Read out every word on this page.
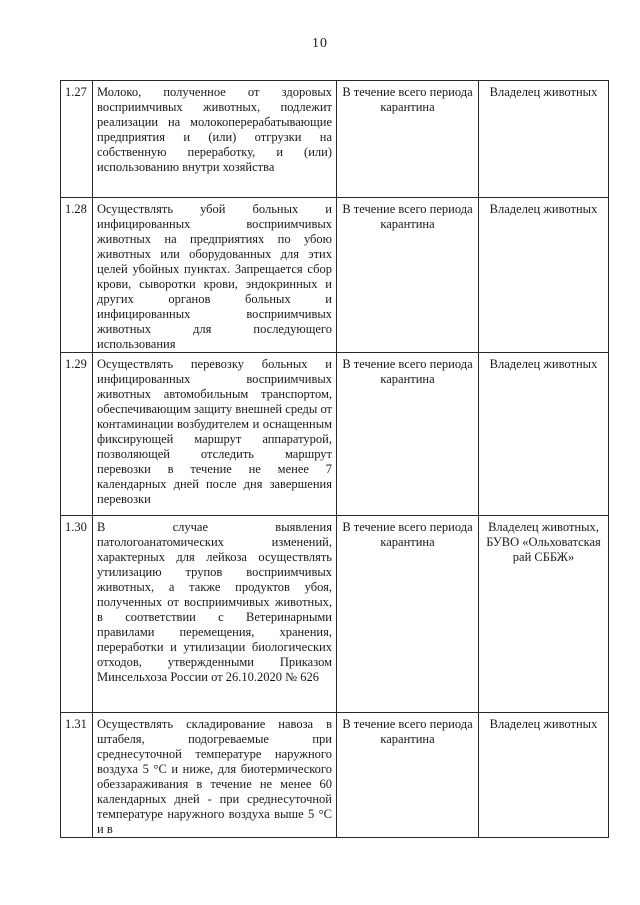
10
1.27	Молоко, полученное от здоровых восприимчивых животных, подлежит реализации на молокоперерабатывающие предприятия и (или) отгрузки на собственную переработку, и (или) использованию внутри хозяйства	В течение всего периода карантина	Владелец животных
1.28	Осуществлять убой больных и инфицированных восприимчивых животных на предприятиях по убою животных или оборудованных для этих целей убойных пунктах. Запрещается сбор крови, сыворотки крови, эндокринных и других органов больных и инфицированных восприимчивых животных для последующего использования	В течение всего периода карантина	Владелец животных
1.29	Осуществлять перевозку больных и инфицированных восприимчивых животных автомобильным транспортом, обеспечивающим защиту внешней среды от контаминации возбудителем и оснащенным фиксирующей маршрут аппаратурой, позволяющей отследить маршрут перевозки в течение не менее 7 календарных дней после дня завершения перевозки	В течение всего периода карантина	Владелец животных
1.30	В случае выявления патологоанатомических изменений, характерных для лейкоза осуществлять утилизацию трупов восприимчивых животных, а также продуктов убоя, полученных от восприимчивых животных, в соответствии с Ветеринарными правилами перемещения, хранения, переработки и утилизации биологических отходов, утвержденными Приказом Минсельхоза России от 26.10.2020 № 626	В течение всего периода карантина	Владелец животных, БУВО «Ольховатская рай СББЖ»
1.31	Осуществлять складирование навоза в штабеля, подогреваемые при среднесуточной температуре наружного воздуха 5 °С и ниже, для биотермического обеззараживания в течение не менее 60 календарных дней - при среднесуточной температуре наружного воздуха выше 5 °С и в	В течение всего периода карантина	Владелец животных
